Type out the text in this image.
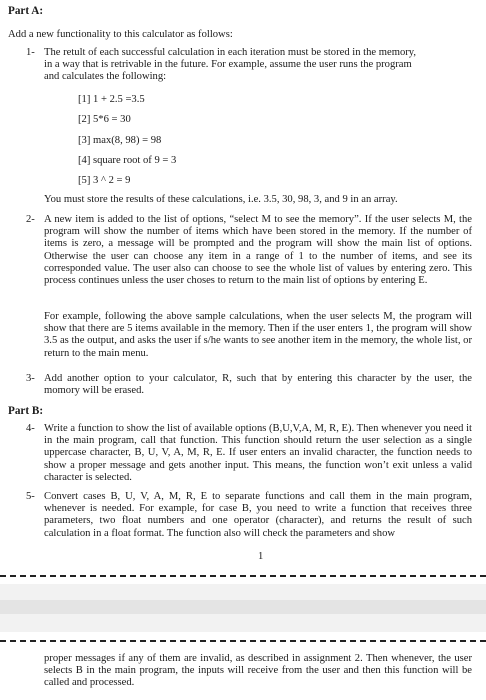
Part A:
Add a new functionality to this calculator as follows:
1- The retult of each successful calculation in each iteration must be stored in the memory,
in a way that is retrivable in the future. For example, assume the user runs the program
and calculates the following:
[1] 1 + 2.5 =3.5
[2] 5*6 = 30
[3] max(8, 98) = 98
[4] square root of 9 = 3
[5] 3 ^ 2 = 9
You must store the results of these calculations, i.e. 3.5, 30, 98, 3, and 9 in an array.
2- A new item is added to the list of options, “select M to see the memory”. If the user selects M, the program will show the number of items which have been stored in the memory. If the number of items is zero, a message will be prompted and the program will show the main list of options. Otherwise the user can choose any item in a range of 1 to the number of items, and see its corresponded value. The user also can choose to see the whole list of values by entering zero. This process continues unless the user choses to return to the main list of options by entering E.
For example, following the above sample calculations, when the user selects M, the program will show that there are 5 items available in the memory. Then if the user enters 1, the program will show 3.5 as the output, and asks the user if s/he wants to see another item in the memory, the whole list, or return to the main menu.
3- Add another option to your calculator, R, such that by entering this character by the user, the momory will be erased.
Part B:
4- Write a function to show the list of available options (B,U,V,A, M, R, E). Then whenever you need it in the main program, call that function. This function should return the user selection as a single uppercase character, B, U, V, A, M, R, E. If user enters an invalid character, the function needs to show a proper message and gets another input. This means, the function won’t exit unless a valid character is selected.
5- Convert cases B, U, V, A, M, R, E to separate functions and call them in the main program, whenever is needed. For example, for case B, you need to write a function that receives three parameters, two float numbers and one operator (character), and returns the result of such calculation in a float format. The function also will check the parameters and show
1
proper messages if any of them are invalid, as described in assignment 2. Then whenever, the user selects B in the main program, the inputs will receive from the user and then this function will be called and processed.
